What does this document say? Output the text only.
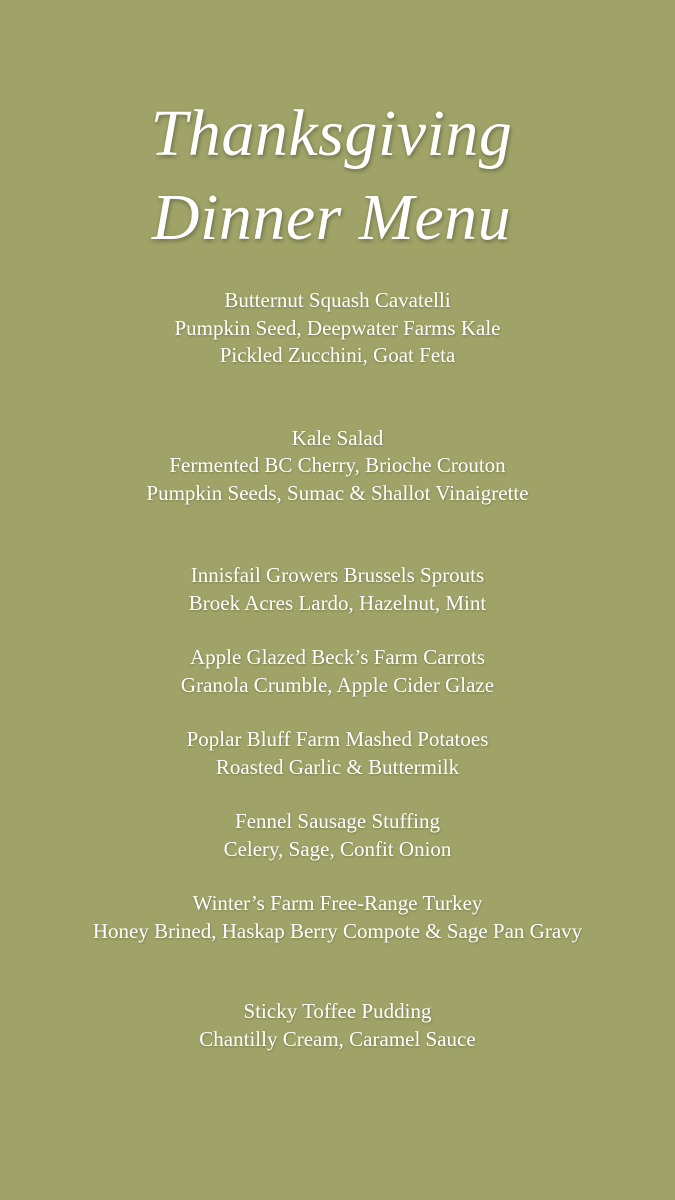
Thanksgiving
Dinner Menu
Butternut Squash Cavatelli
Pumpkin Seed, Deepwater Farms Kale
Pickled Zucchini, Goat Feta
Kale Salad
Fermented BC Cherry, Brioche Crouton
Pumpkin Seeds, Sumac & Shallot Vinaigrette
Innisfail Growers Brussels Sprouts
Broek Acres Lardo, Hazelnut, Mint
Apple Glazed Beck’s Farm Carrots
Granola Crumble, Apple Cider Glaze
Poplar Bluff Farm Mashed Potatoes
Roasted Garlic & Buttermilk
Fennel Sausage Stuffing
Celery, Sage, Confit Onion
Winter’s Farm Free-Range Turkey
Honey Brined, Haskap Berry Compote & Sage Pan Gravy
Sticky Toffee Pudding
Chantilly Cream, Caramel Sauce
